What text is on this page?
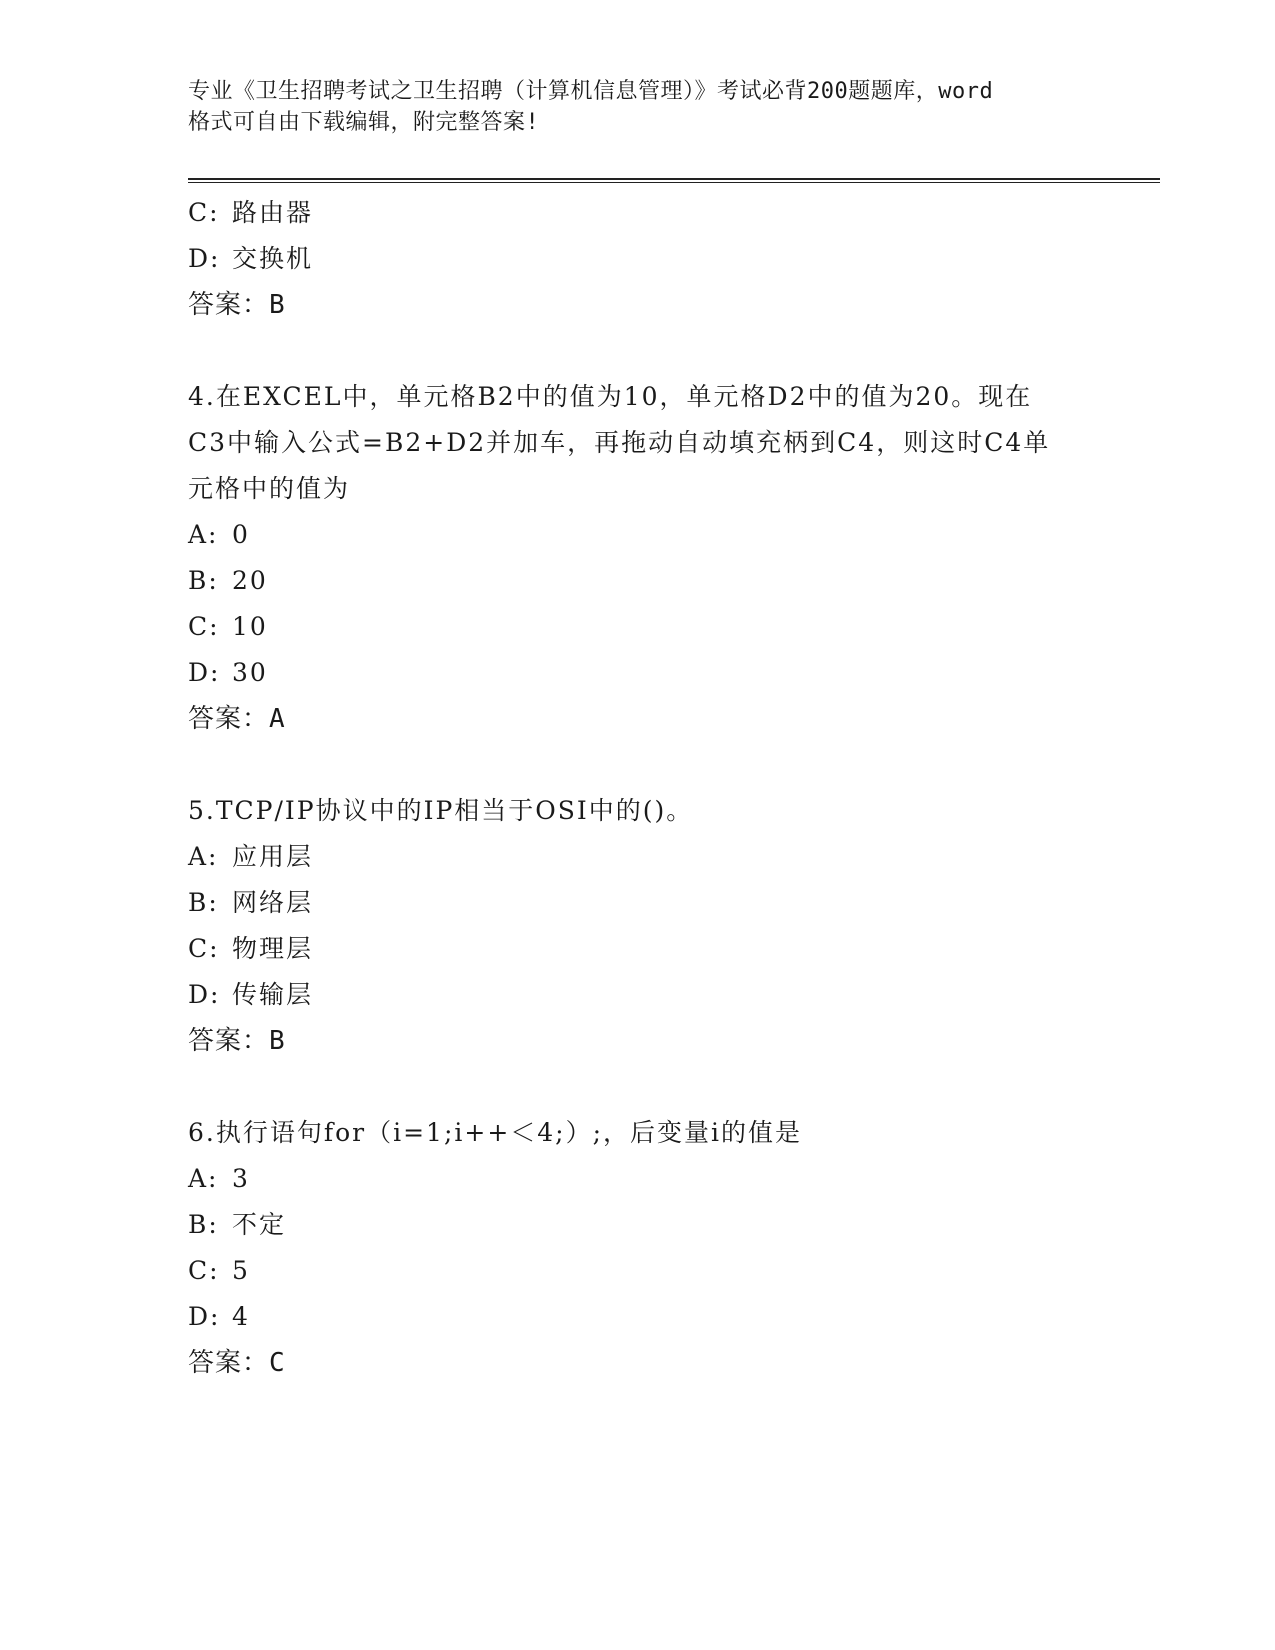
专业《卫生招聘考试之卫生招聘（计算机信息管理）》考试必背200题题库，word
格式可自由下载编辑，附完整答案!
C: 路由器
D: 交换机
答案：B
4.在EXCEL中，单元格B2中的值为10，单元格D2中的值为20。现在
C3中输入公式=B2+D2并加车，再拖动自动填充柄到C4，则这时C4单
元格中的值为
A: 0
B: 20
C: 10
D: 30
答案：A
5.TCP/IP协议中的IP相当于OSI中的()。
A: 应用层
B: 网络层
C: 物理层
D: 传输层
答案：B
6.执行语句for（i=1;i++＜4;）;，后变量i的值是
A: 3
B: 不定
C: 5
D: 4
答案：C
